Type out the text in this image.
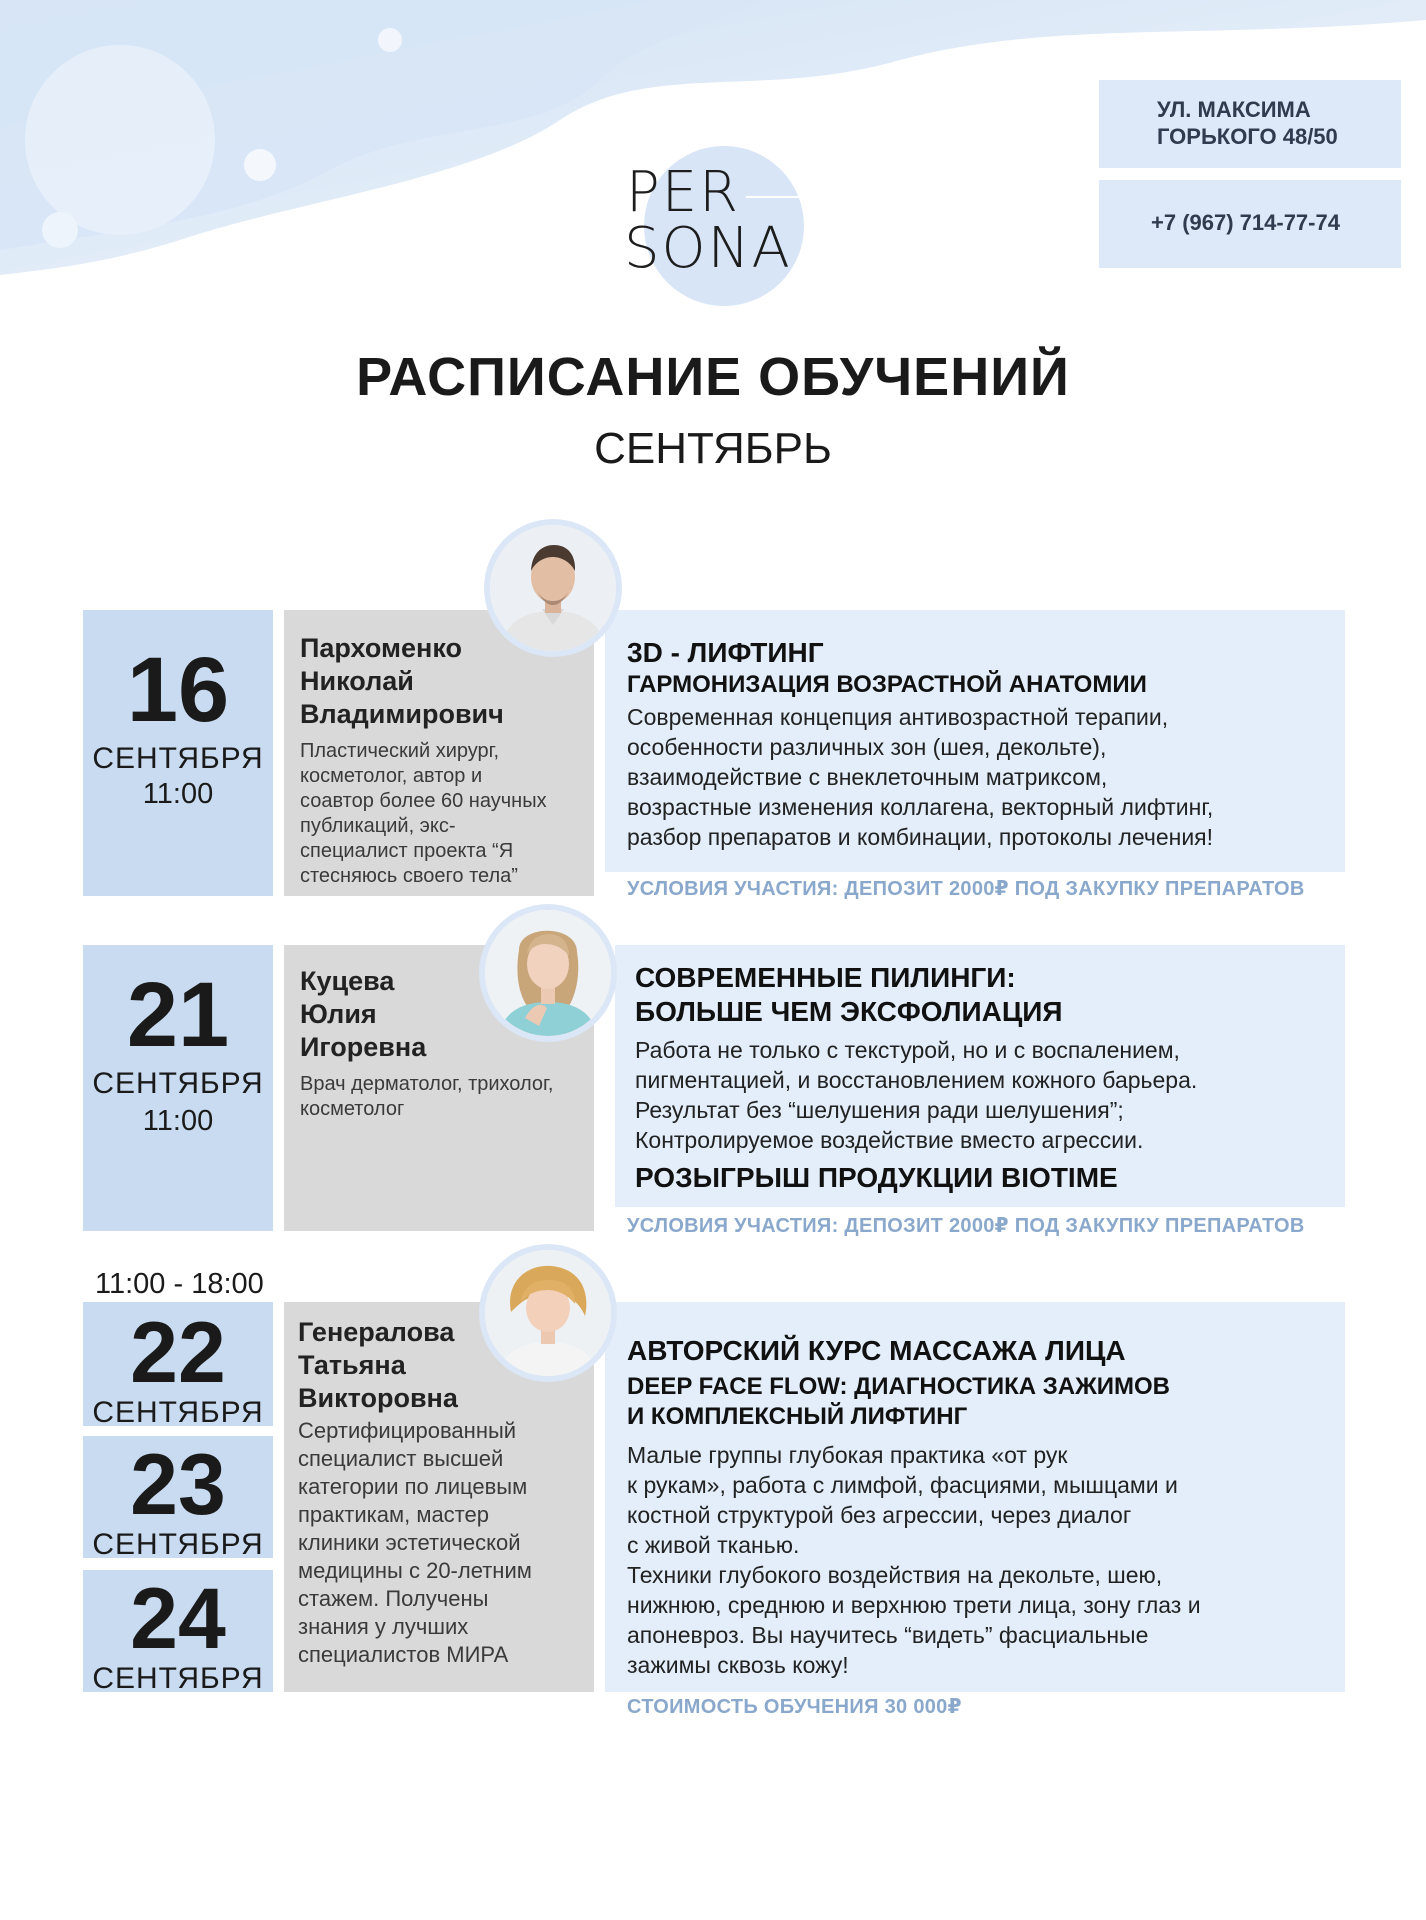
PER
SONA
УЛ. МАКСИМА
ГОРЬКОГО 48/50
+7 (967) 714-77-74
РАСПИСАНИЕ ОБУЧЕНИЙ
СЕНТЯБРЬ
16
СЕНТЯБРЯ
11:00
Пархоменко
Николай
Владимирович
Пластический хирург,
косметолог, автор и
соавтор более 60 научных
публикаций, экс-
специалист проекта “Я
стесняюсь своего тела”
3D - ЛИФТИНГ
ГАРМОНИЗАЦИЯ ВОЗРАСТНОЙ АНАТОМИИ
Современная концепция антивозрастной терапии,
особенности различных зон (шея, декольте),
взаимодействие с внеклеточным матриксом,
возрастные изменения коллагена, векторный лифтинг,
разбор препаратов и комбинации, протоколы лечения!
УСЛОВИЯ УЧАСТИЯ: ДЕПОЗИТ 2000₽ ПОД ЗАКУПКУ ПРЕПАРАТОВ
21
СЕНТЯБРЯ
11:00
Куцева
Юлия
Игоревна
Врач дерматолог, трихолог,
косметолог
СОВРЕМЕННЫЕ ПИЛИНГИ:
БОЛЬШЕ ЧЕМ ЭКСФОЛИАЦИЯ
Работа не только с текстурой, но и с воспалением,
пигментацией, и восстановлением кожного барьера.
Результат без “шелушения ради шелушения”;
Контролируемое воздействие вместо агрессии.
РОЗЫГРЫШ ПРОДУКЦИИ BIOTIME
УСЛОВИЯ УЧАСТИЯ: ДЕПОЗИТ 2000₽ ПОД ЗАКУПКУ ПРЕПАРАТОВ
11:00 - 18:00
22
СЕНТЯБРЯ
23
СЕНТЯБРЯ
24
СЕНТЯБРЯ
Генералова
Татьяна
Викторовна
Сертифицированный
специалист высшей
категории по лицевым
практикам, мастер
клиники эстетической
медицины с 20-летним
стажем. Получены
знания у лучших
специалистов МИРА
АВТОРСКИЙ КУРС МАССАЖА ЛИЦА
DEEP FACE FLOW: ДИАГНОСТИКА ЗАЖИМОВ
И КОМПЛЕКСНЫЙ ЛИФТИНГ
Малые группы глубокая практика «от рук
к рукам», работа с лимфой, фасциями, мышцами и
костной структурой без агрессии, через диалог
с живой тканью.
Техники глубокого воздействия на декольте, шею,
нижнюю, среднюю и верхнюю трети лица, зону глаз и
апоневроз. Вы научитесь “видеть” фасциальные
зажимы сквозь кожу!
СТОИМОСТЬ ОБУЧЕНИЯ 30 000₽
